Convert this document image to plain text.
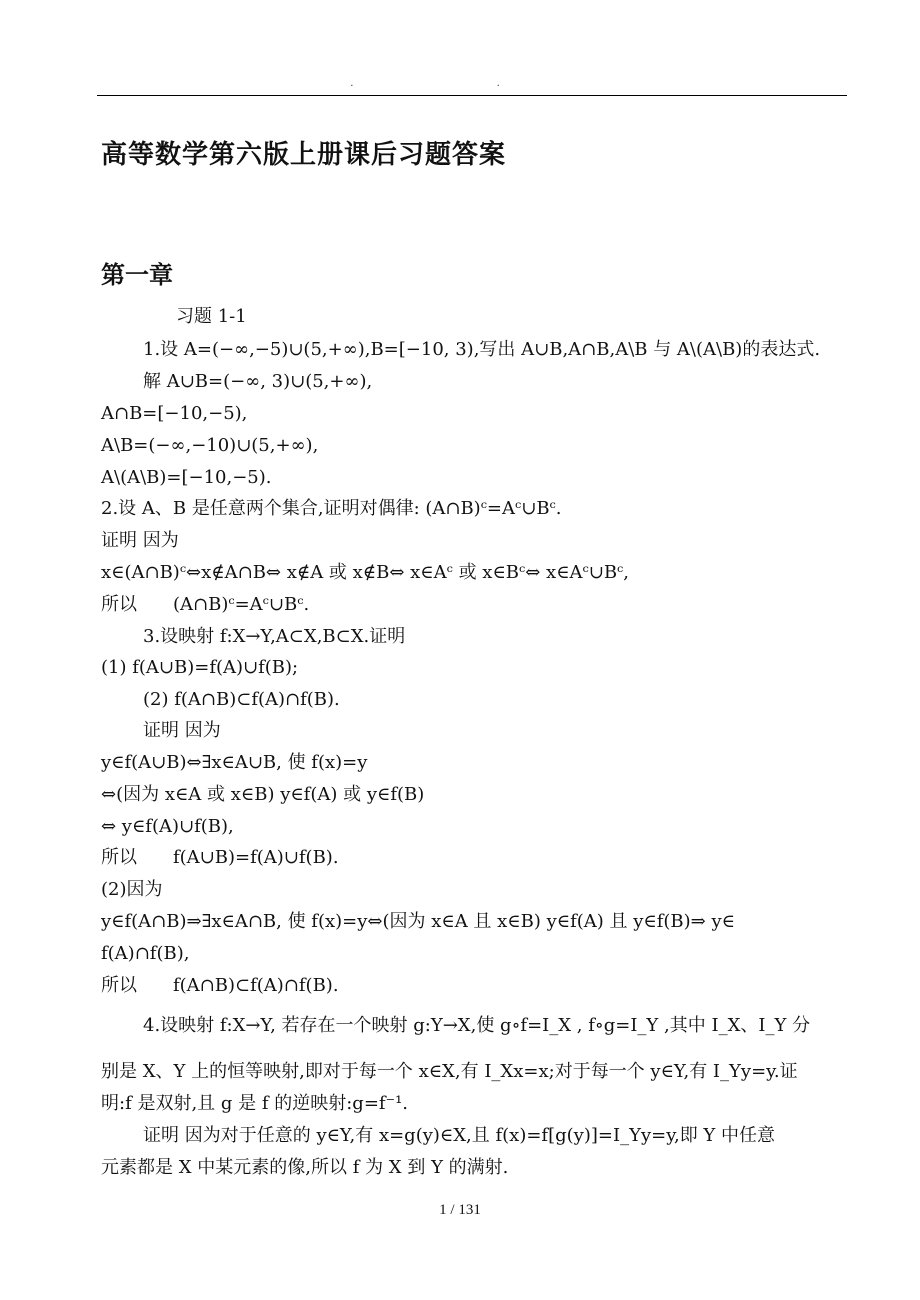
. .
高等数学第六版上册课后习题答案
第一章
习题 1-1
1.设 A=(−∞,−5)∪(5,+∞),B=[−10, 3),写出 A∪B,A∩B,A\B 与 A\(A\B)的表达式.
解 A∪B=(−∞, 3)∪(5,+∞),
A∩B=[−10,−5),
A\B=(−∞,−10)∪(5,+∞),
A\(A\B)=[−10,−5).
2.设 A、B 是任意两个集合,证明对偶律: (A∩B)ᶜ=Aᶜ∪Bᶜ.
证明 因为
x∈(A∩B)ᶜ⇔x∉A∩B⇔ x∉A 或 x∉B⇔ x∈Aᶜ 或 x∈Bᶜ⇔ x∈Aᶜ∪Bᶜ,
所以　　(A∩B)ᶜ=Aᶜ∪Bᶜ.
3.设映射 f:X→Y,A⊂X,B⊂X.证明
(1) f(A∪B)=f(A)∪f(B);
(2) f(A∩B)⊂f(A)∩f(B).
证明 因为
y∈f(A∪B)⇔∃x∈A∪B, 使 f(x)=y
⇔(因为 x∈A 或 x∈B) y∈f(A) 或 y∈f(B)
⇔ y∈f(A)∪f(B),
所以　　f(A∪B)=f(A)∪f(B).
(2)因为
y∈f(A∩B)⇒∃x∈A∩B, 使 f(x)=y⇔(因为 x∈A 且 x∈B) y∈f(A) 且 y∈f(B)⇒ y∈
f(A)∩f(B),
所以　　f(A∩B)⊂f(A)∩f(B).
4.设映射 f:X→Y, 若存在一个映射 g:Y→X,使 g∘f=I_X , f∘g=I_Y ,其中 I_X、I_Y 分
别是 X、Y 上的恒等映射,即对于每一个 x∈X,有 I_Xx=x;对于每一个 y∈Y,有 I_Yy=y.证
明:f 是双射,且 g 是 f 的逆映射:g=f⁻¹.
证明 因为对于任意的 y∈Y,有 x=g(y)∈X,且 f(x)=f[g(y)]=I_Yy=y,即 Y 中任意
元素都是 X 中某元素的像,所以 f 为 X 到 Y 的满射.
1 / 131
